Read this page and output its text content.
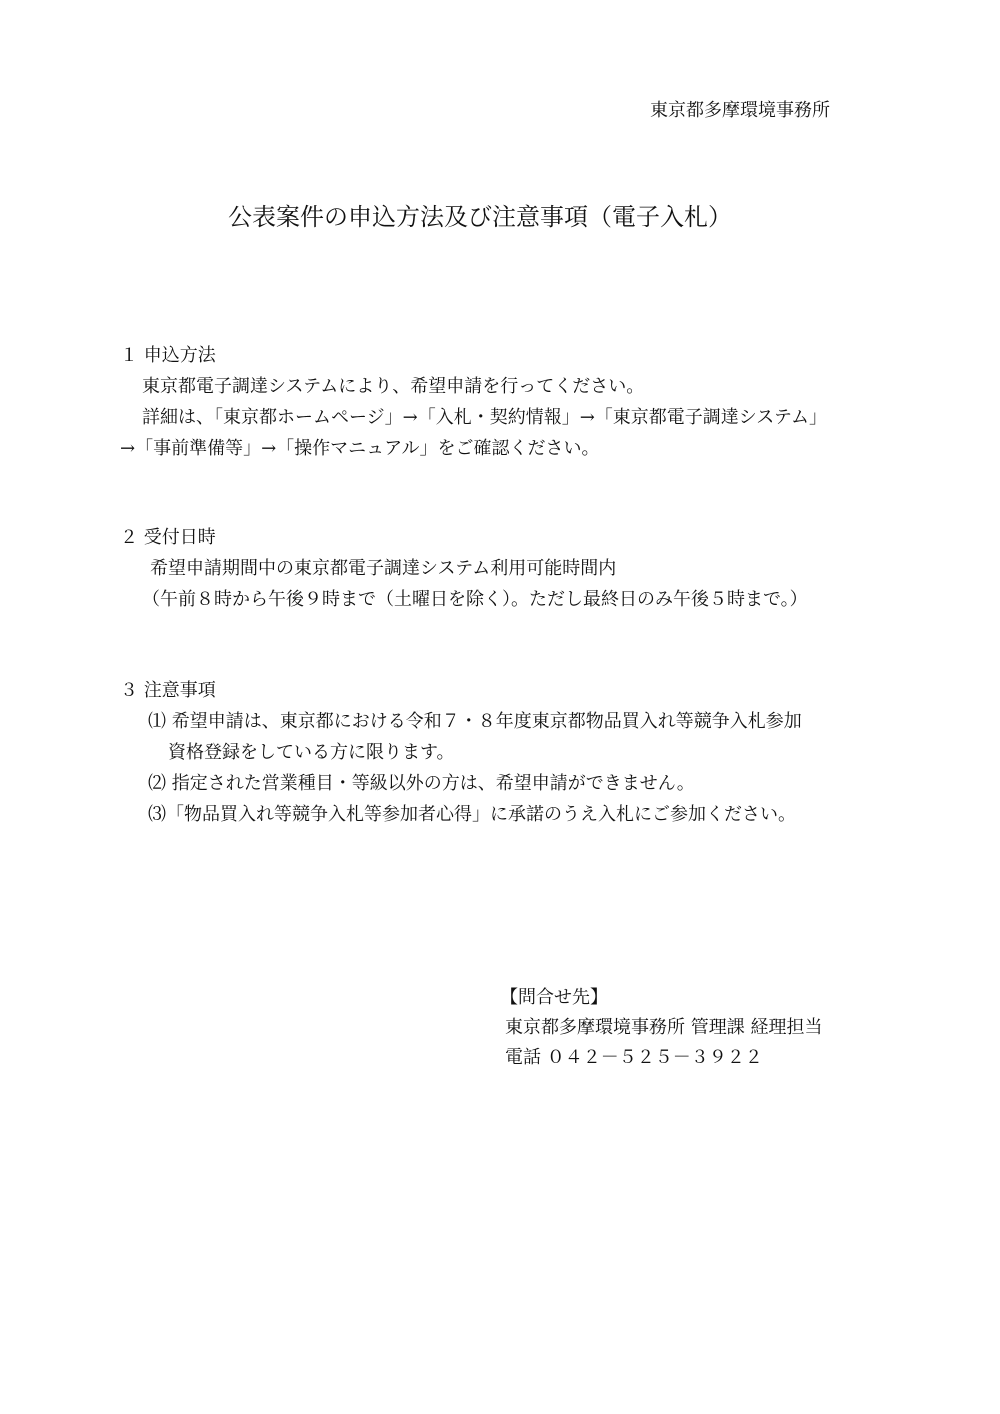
東京都多摩環境事務所
公表案件の申込方法及び注意事項（電子入札）
１ 申込方法
東京都電子調達システムにより、希望申請を行ってください。
詳細は、「東京都ホームページ」→「入札・契約情報」→「東京都電子調達システム」
→「事前準備等」→「操作マニュアル」をご確認ください。
２ 受付日時
希望申請期間中の東京都電子調達システム利用可能時間内
（午前８時から午後９時まで（土曜日を除く）。ただし最終日のみ午後５時まで。）
３ 注意事項
⑴ 希望申請は、東京都における令和７・８年度東京都物品買入れ等競争入札参加
資格登録をしている方に限ります。
⑵ 指定された営業種目・等級以外の方は、希望申請ができません。
⑶「物品買入れ等競争入札等参加者心得」に承諾のうえ入札にご参加ください。
【問合せ先】
東京都多摩環境事務所 管理課 経理担当
電話 ０４２－５２５－３９２２
